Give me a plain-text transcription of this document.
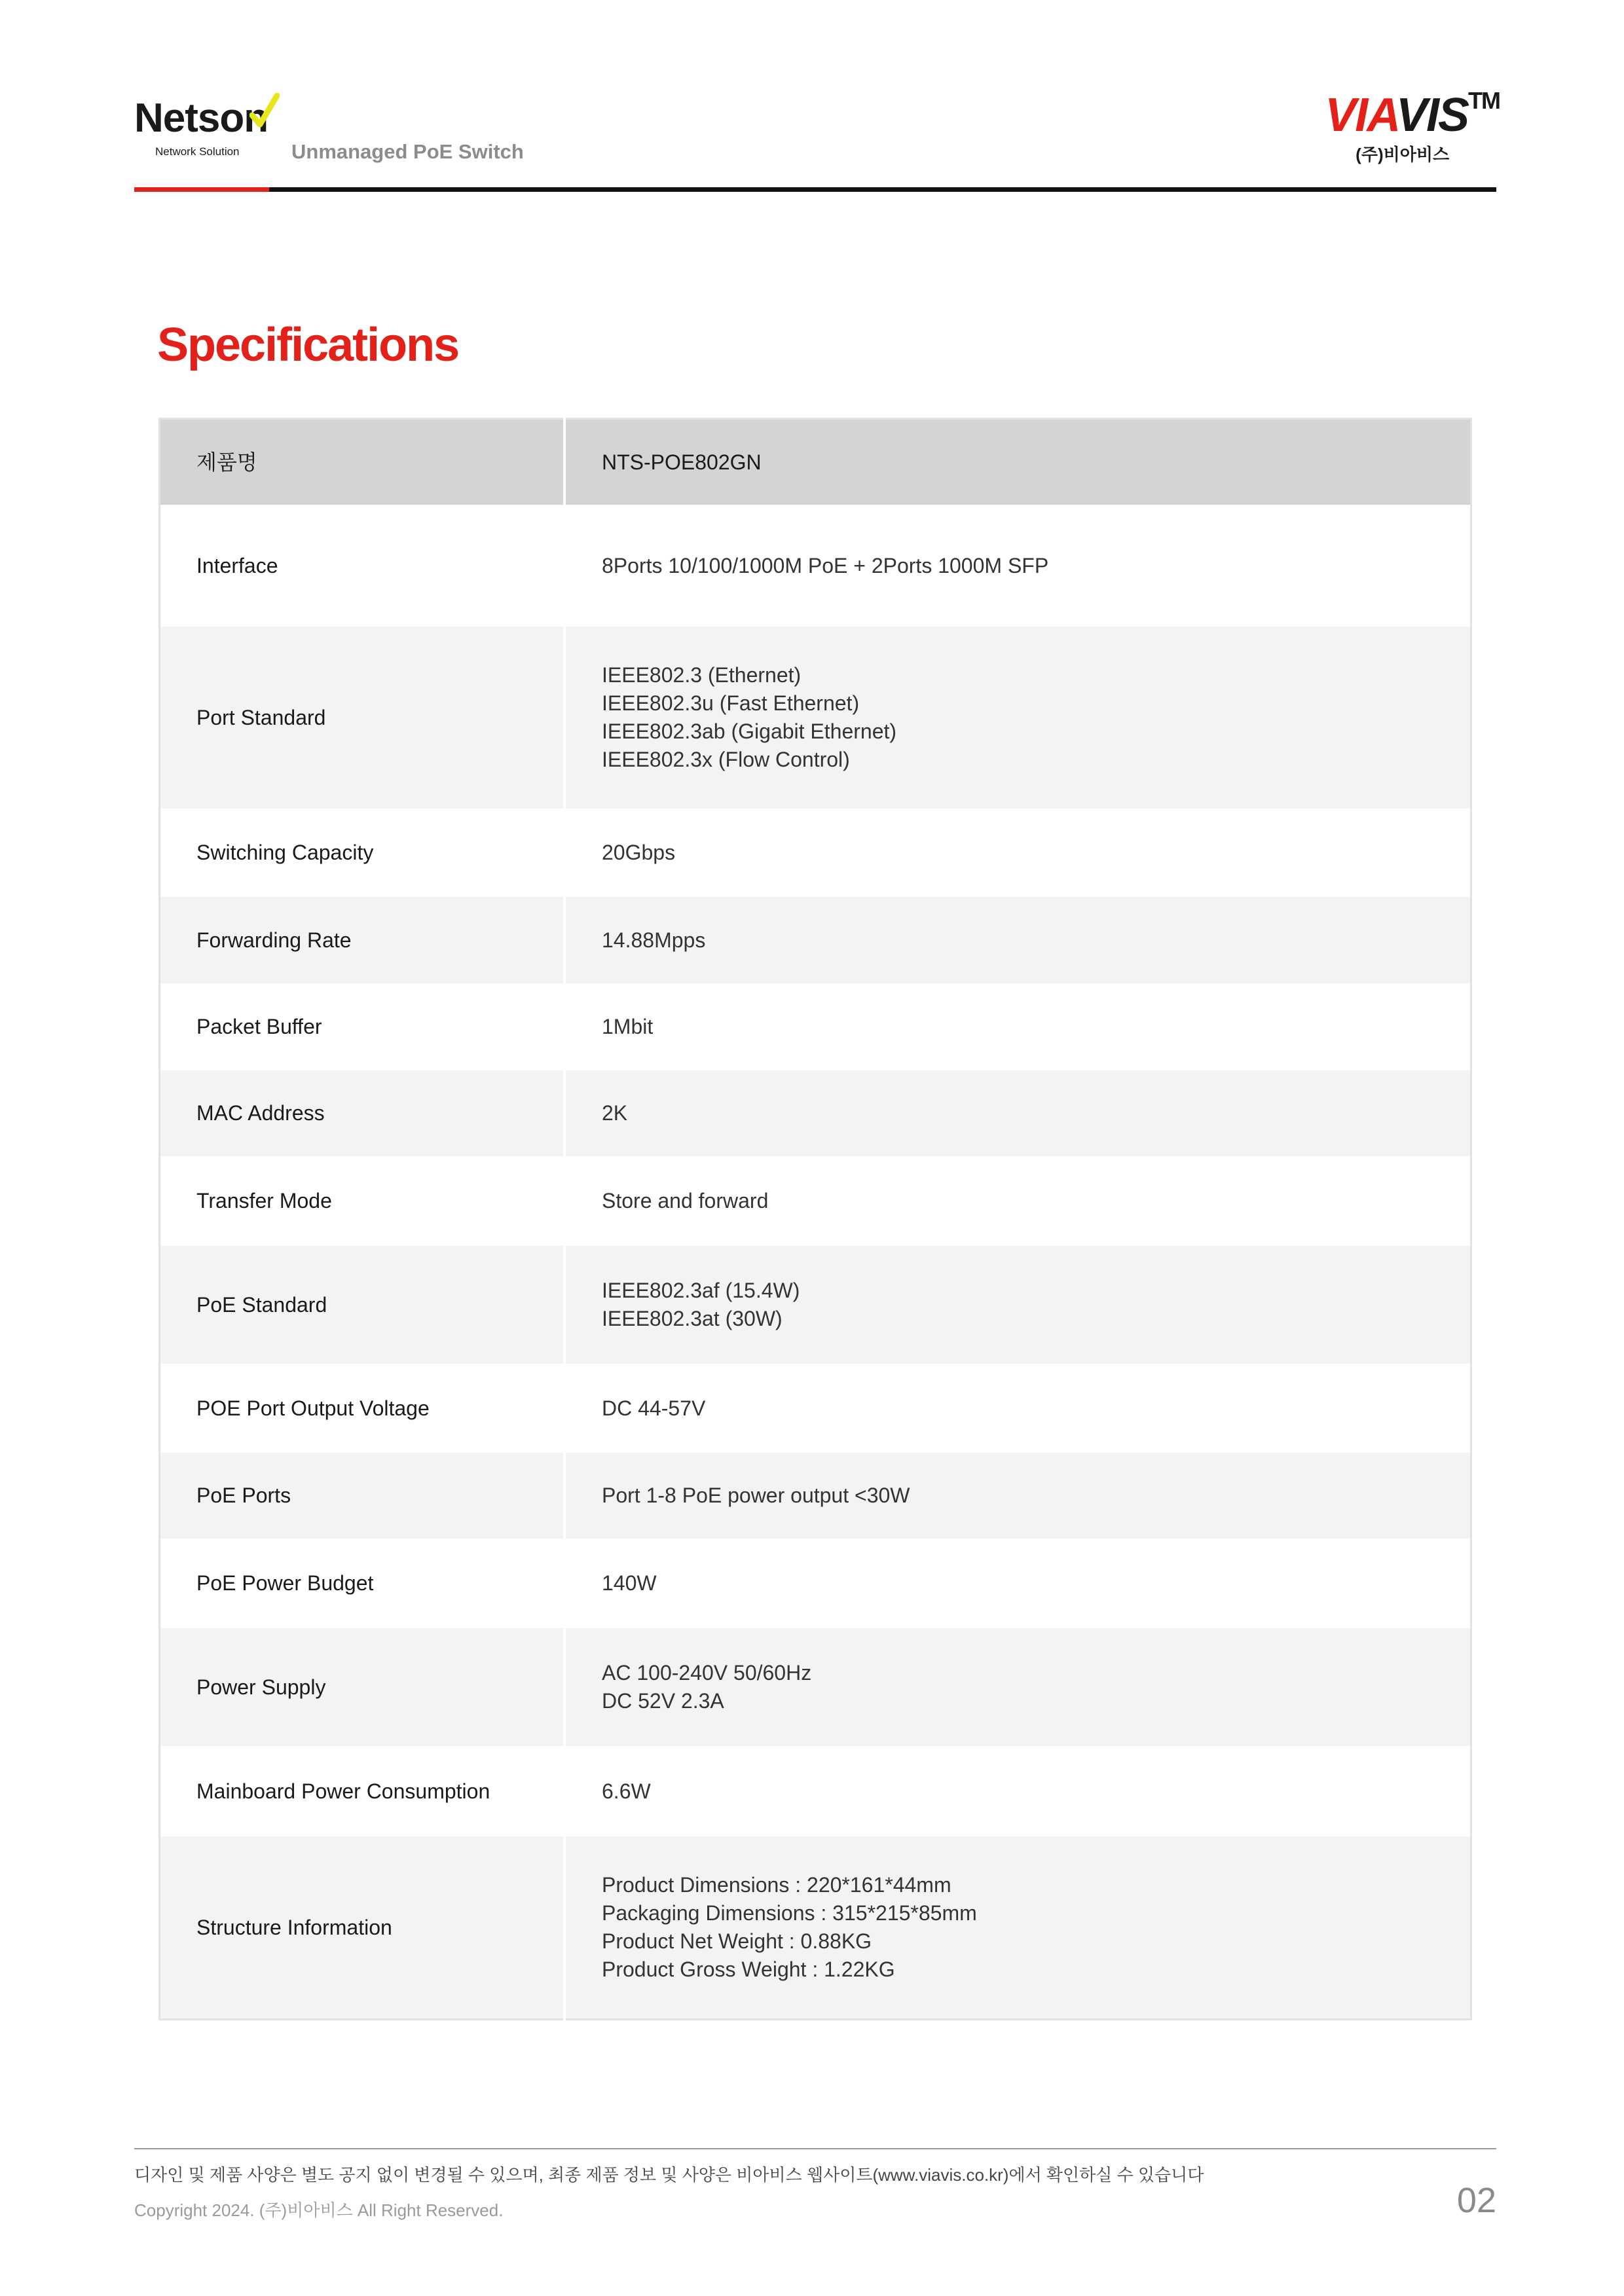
Netson
Network Solution	Unmanaged PoE Switch
VIAVIS™
(주)비아비스
Specifications
제품명	NTS-POE802GN
Interface	8Ports 10/100/1000M PoE + 2Ports 1000M SFP

Port Standard	IEEE802.3 (Ethernet)
IEEE802.3u (Fast Ethernet)
IEEE802.3ab (Gigabit Ethernet)
IEEE802.3x (Flow Control)

Switching Capacity	20Gbps

Forwarding Rate	14.88Mpps

Packet Buffer	1Mbit

MAC Address	2K

Transfer Mode	Store and forward

PoE Standard	IEEE802.3af (15.4W)
IEEE802.3at (30W)

POE Port Output Voltage	DC 44-57V

PoE Ports	Port 1-8 PoE power output <30W

PoE Power Budget	140W

Power Supply	AC 100-240V 50/60Hz
DC 52V 2.3A

Mainboard Power Consumption	6.6W

Structure Information	Product Dimensions : 220*161*44mm
Packaging Dimensions : 315*215*85mm
Product Net Weight : 0.88KG
Product Gross Weight : 1.22KG
디자인 및 제품 사양은 별도 공지 없이 변경될 수 있으며, 최종 제품 정보 및 사양은 비아비스 웹사이트(www.viavis.co.kr)에서 확인하실 수 있습니다
Copyright 2024. (주)비아비스 All Right Reserved.	02
